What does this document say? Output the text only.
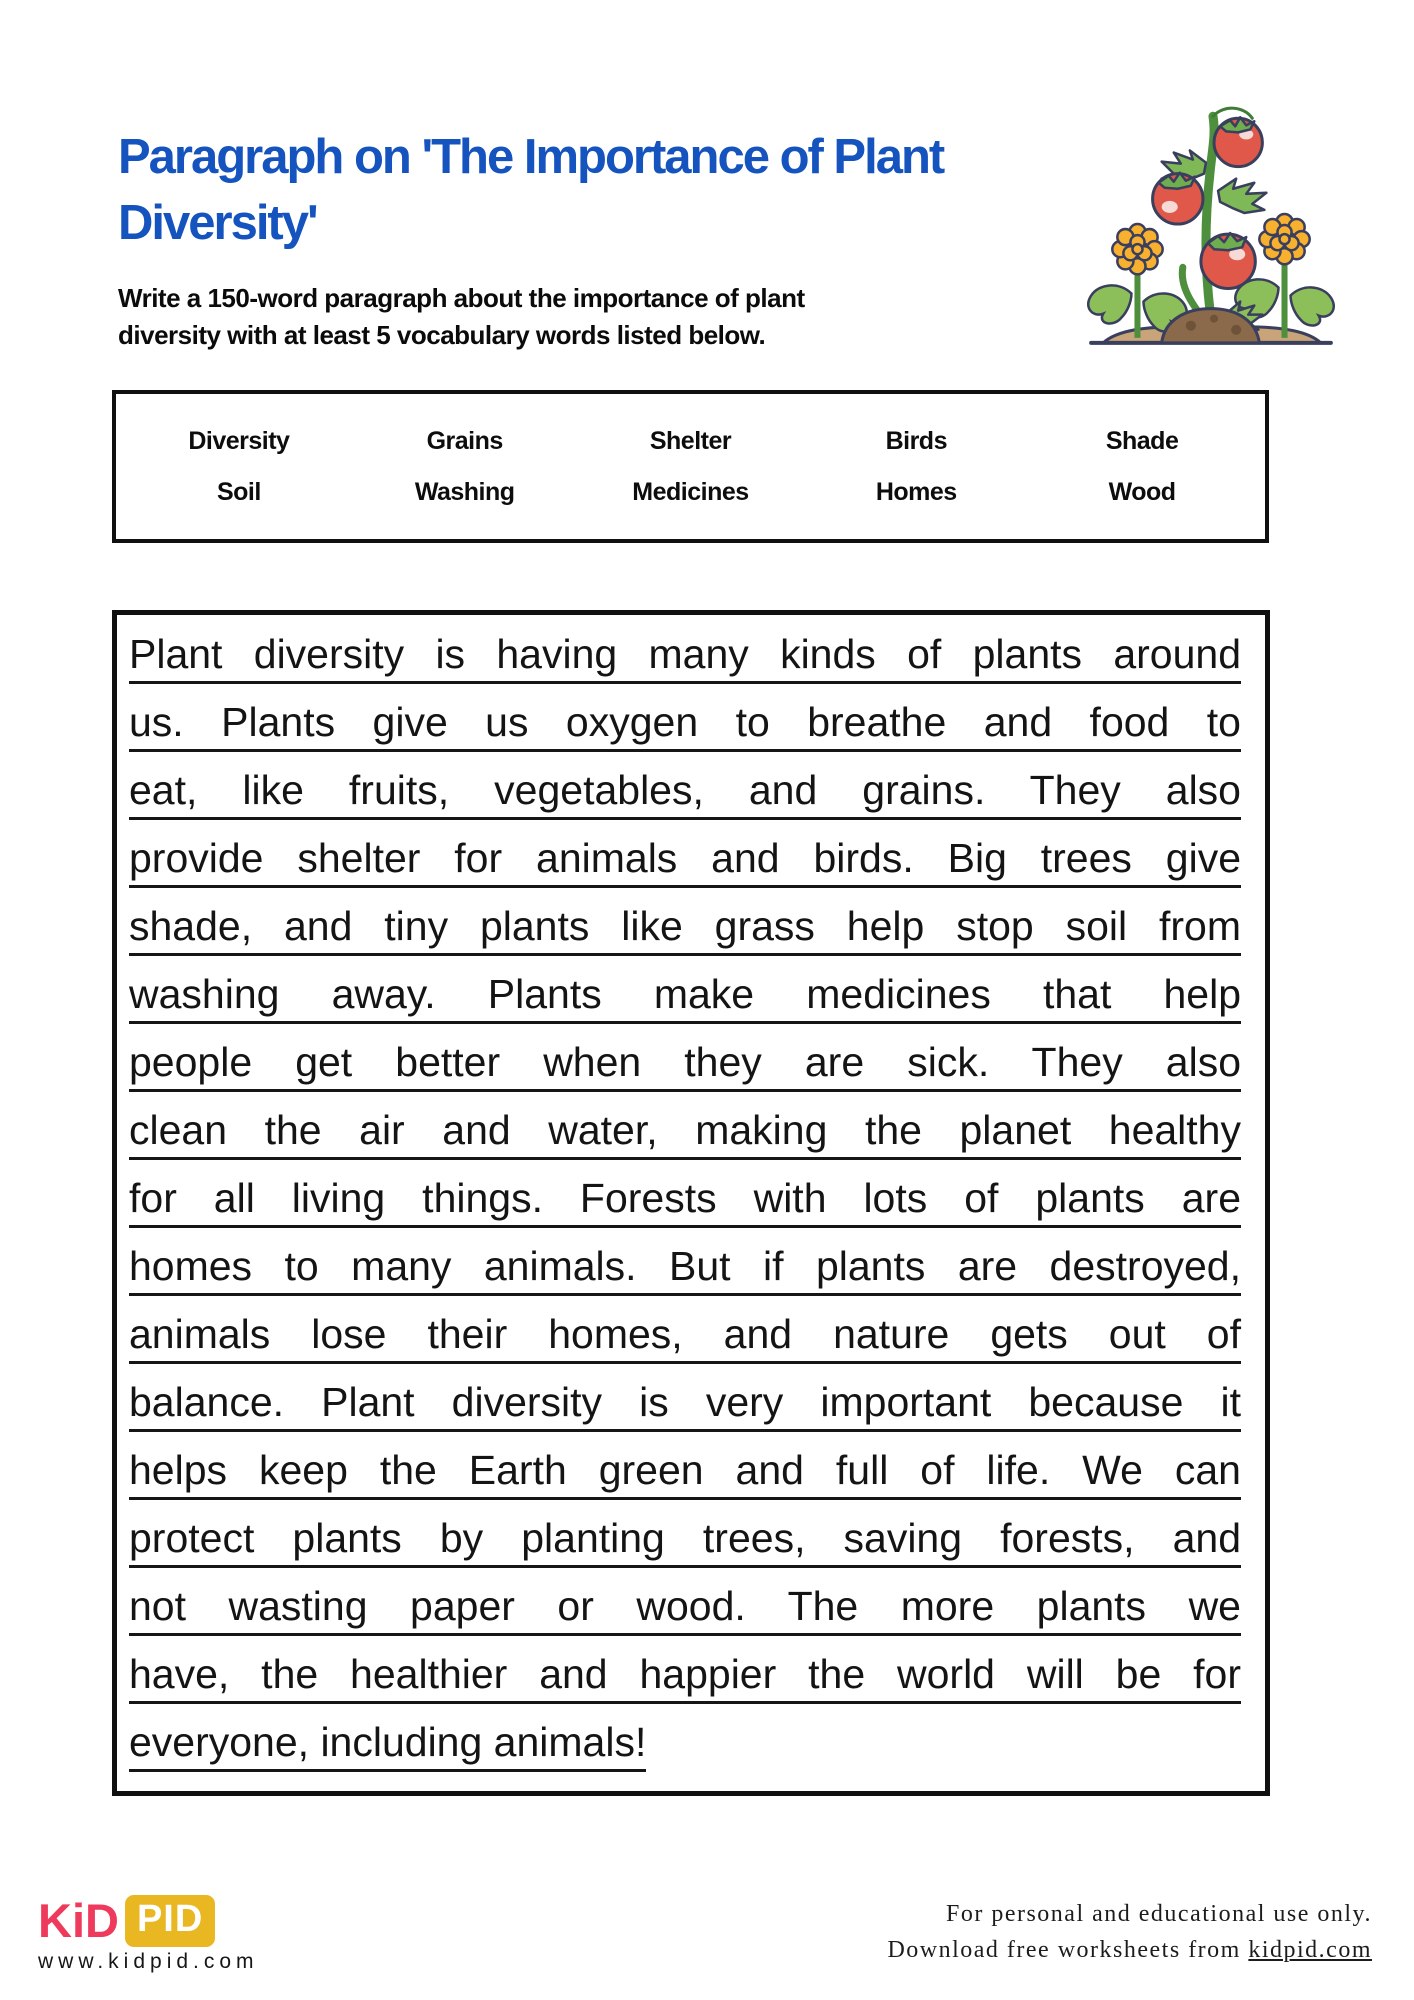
Paragraph on 'The Importance of Plant
Diversity'
Write a 150-word paragraph about the importance of plant
diversity with at least 5 vocabulary words listed below.
Diversity	Grains	Shelter	Birds	Shade
Soil	Washing	Medicines	Homes	Wood
Plant diversity is having many kinds of plants around
us. Plants give us oxygen to breathe and food to
eat, like fruits, vegetables, and grains. They also
provide shelter for animals and birds. Big trees give
shade, and tiny plants like grass help stop soil from
washing away. Plants make medicines that help
people get better when they are sick. They also
clean the air and water, making the planet healthy
for all living things. Forests with lots of plants are
homes to many animals. But if plants are destroyed,
animals lose their homes, and nature gets out of
balance. Plant diversity is very important because it
helps keep the Earth green and full of life. We can
protect plants by planting trees, saving forests, and
not wasting paper or wood. The more plants we
have, the healthier and happier the world will be for
everyone, including animals!
KiD PID
www.kidpid.com
For personal and educational use only.
Download free worksheets from kidpid.com
